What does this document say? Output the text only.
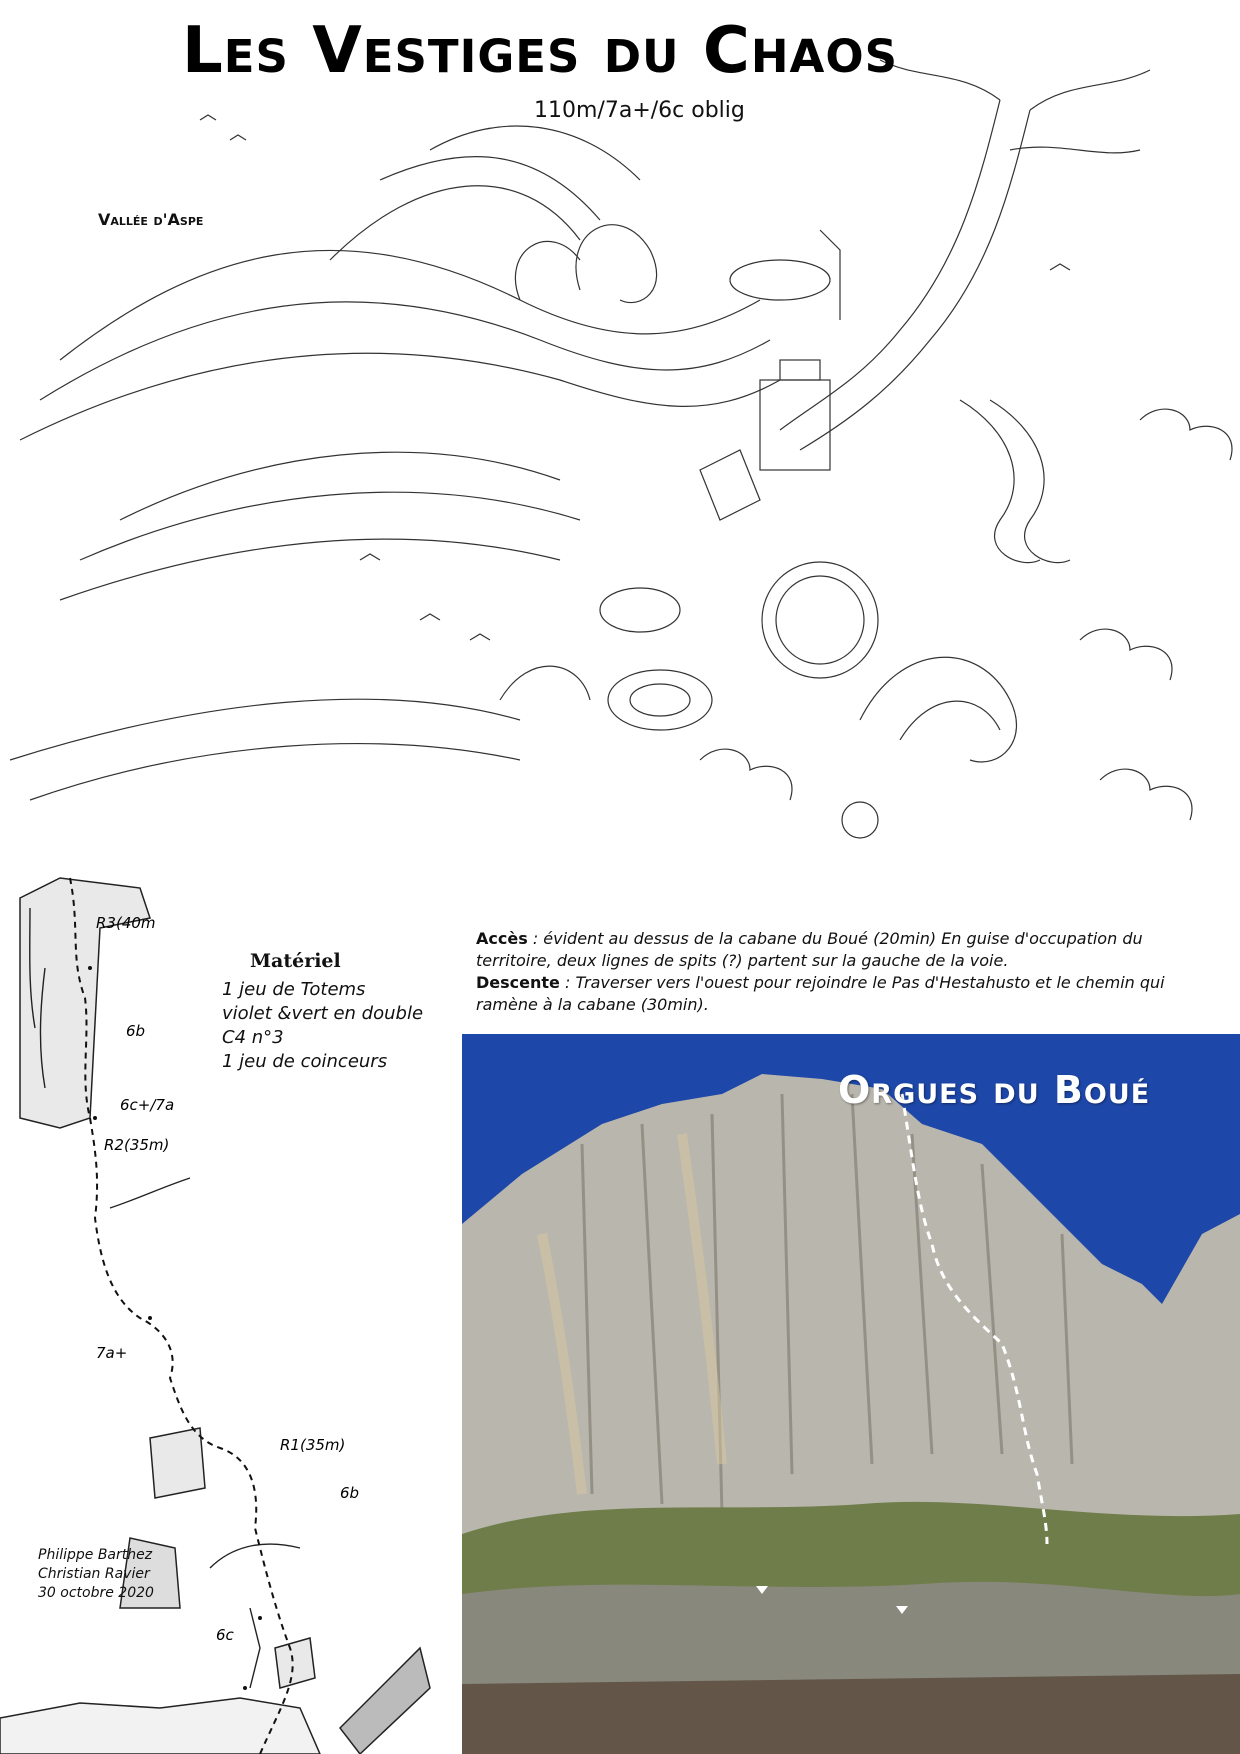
Les Vestiges du Chaos
110m/7a+/6c oblig
Vallée d'Aspe
R3(40m
6b
6c+/7a
R2(35m)
7a+
R1(35m)
6b
6c
Matériel
1 jeu de Totems
violet &vert en double
C4 n°3
1 jeu de coinceurs
Accès : évident au dessus de la cabane du Boué (20min) En guise d'occupation du territoire, deux lignes de spits (?) partent sur la gauche de la voie.
Descente : Traverser vers l'ouest pour rejoindre le Pas d'Hestahusto et le chemin qui ramène à la cabane (30min).
Philippe Barthez
Christian Ravier
30 octobre 2020
Orgues du Boué
